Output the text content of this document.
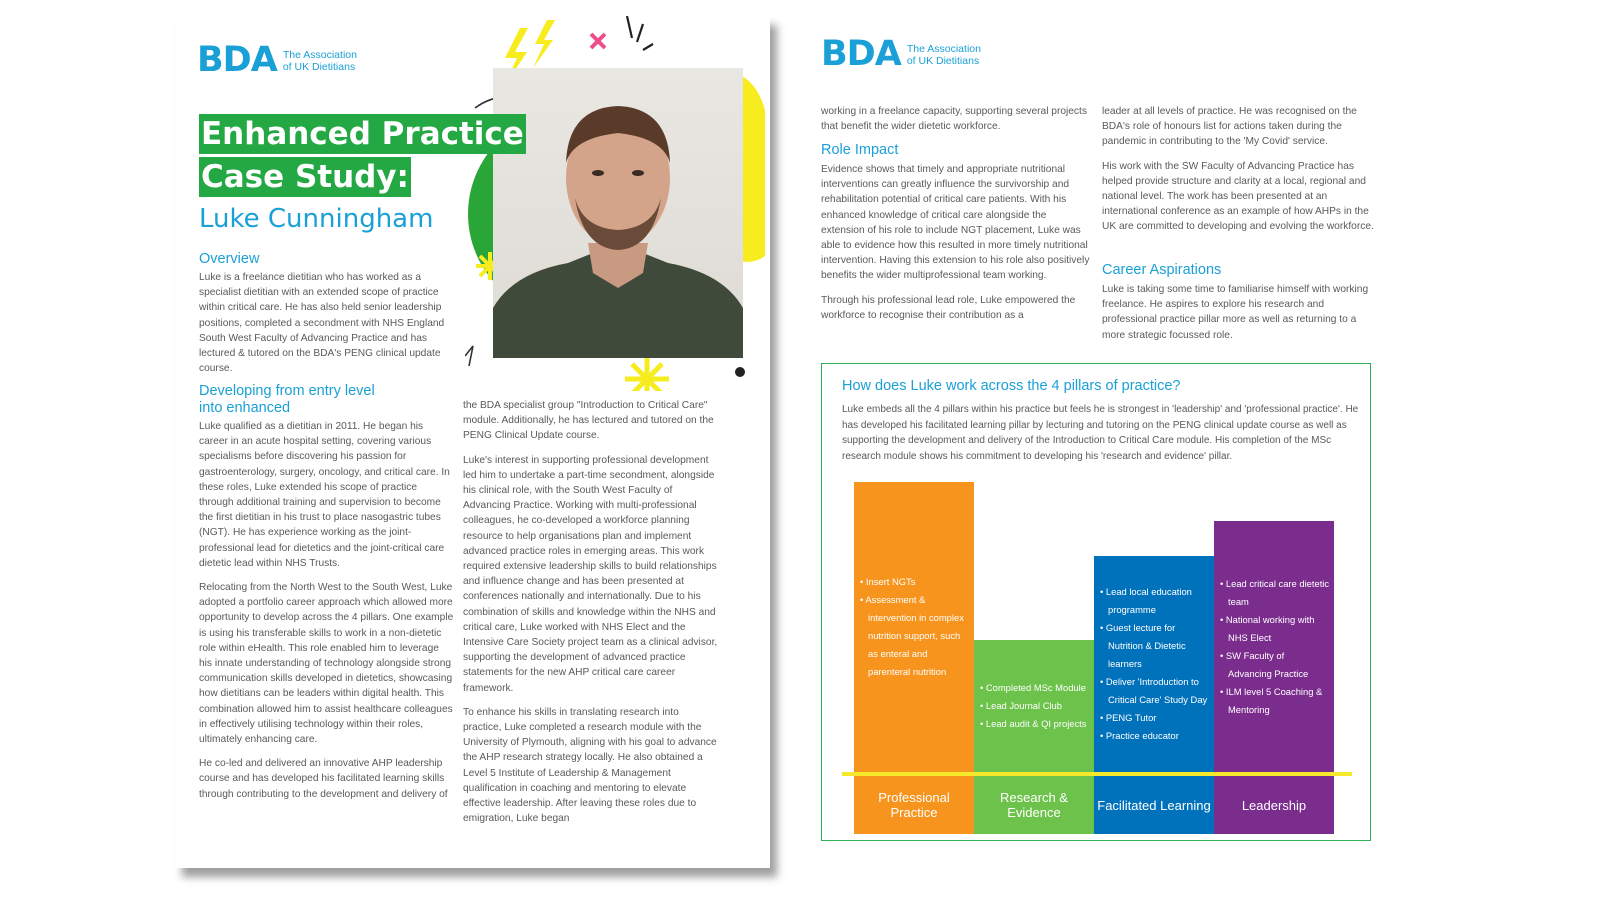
BDA The Association
of UK Dietitians
Enhanced Practice
Case Study:
Luke Cunningham
Overview

Luke is a freelance dietitian who has worked as a specialist dietitian with an extended scope of practice within critical care. He has also held senior leadership positions, completed a secondment with NHS England South West Faculty of Advancing Practice and has lectured & tutored on the BDA's PENG clinical update course.

Developing from entry level
into enhanced

Luke qualified as a dietitian in 2011. He began his career in an acute hospital setting, covering various specialisms before discovering his passion for gastroenterology, surgery, oncology, and critical care. In these roles, Luke extended his scope of practice through additional training and supervision to become the first dietitian in his trust to place nasogastric tubes (NGT). He has experience working as the joint-professional lead for dietetics and the joint-critical care dietetic lead within NHS Trusts.

Relocating from the North West to the South West, Luke adopted a portfolio career approach which allowed more opportunity to develop across the 4 pillars. One example is using his transferable skills to work in a non-dietetic role within eHealth. This role enabled him to leverage his innate understanding of technology alongside strong communication skills developed in dietetics, showcasing how dietitians can be leaders within digital health. This combination allowed him to assist healthcare colleagues in effectively utilising technology within their roles, ultimately enhancing care.

He co-led and delivered an innovative AHP leadership course and has developed his facilitated learning skills through contributing to the development and delivery of

the BDA specialist group "Introduction to Critical Care" module. Additionally, he has lectured and tutored on the PENG Clinical Update course.

Luke's interest in supporting professional development led him to undertake a part-time secondment, alongside his clinical role, with the South West Faculty of Advancing Practice. Working with multi-professional colleagues, he co-developed a workforce planning resource to help organisations plan and implement advanced practice roles in emerging areas. This work required extensive leadership skills to build relationships and influence change and has been presented at conferences nationally and internationally. Due to his combination of skills and knowledge within the NHS and critical care, Luke worked with NHS Elect and the Intensive Care Society project team as a clinical advisor, supporting the development of advanced practice statements for the new AHP critical care career framework.

To enhance his skills in translating research into practice, Luke completed a research module with the University of Plymouth, aligning with his goal to advance the AHP research strategy locally. He also obtained a Level 5 Institute of Leadership & Management qualification in coaching and mentoring to elevate effective leadership. After leaving these roles due to emigration, Luke began

BDA The Association
of UK Dietitians

working in a freelance capacity, supporting several projects that benefit the wider dietetic workforce.

Role Impact

Evidence shows that timely and appropriate nutritional interventions can greatly influence the survivorship and rehabilitation potential of critical care patients. With his enhanced knowledge of critical care alongside the extension of his role to include NGT placement, Luke was able to evidence how this resulted in more timely nutritional intervention. Having this extension to his role also positively benefits the wider multiprofessional team working.

Through his professional lead role, Luke empowered the workforce to recognise their contribution as a

leader at all levels of practice. He was recognised on the BDA's role of honours list for actions taken during the pandemic in contributing to the 'My Covid' service.

His work with the SW Faculty of Advancing Practice has helped provide structure and clarity at a local, regional and national level. The work has been presented at an international conference as an example of how AHPs in the UK are committed to developing and evolving the workforce.

Career Aspirations

Luke is taking some time to familiarise himself with working freelance. He aspires to explore his research and professional practice pillar more as well as returning to a more strategic focussed role.

How does Luke work across the 4 pillars of practice?
Luke embeds all the 4 pillars within his practice but feels he is strongest in 'leadership' and 'professional practice'. He has developed his facilitated learning pillar by lecturing and tutoring on the PENG clinical update course as well as supporting the development and delivery of the Introduction to Critical Care module. His completion of the MSc research module shows his commitment to developing his 'research and evidence' pillar.
• Insert NGTs
• Assessment & intervention in complex nutrition support, such as enteral and parenteral nutrition
Professional Practice
• Completed MSc Module
• Lead Journal Club
• Lead audit & QI projects
Research & Evidence
• Lead local education programme
• Guest lecture for Nutrition & Dietetic learners
• Deliver 'Introduction to Critical Care' Study Day
• PENG Tutor
• Practice educator
Facilitated Learning
• Lead critical care dietetic team
• National working with NHS Elect
• SW Faculty of Advancing Practice
• ILM level 5 Coaching & Mentoring
Leadership
